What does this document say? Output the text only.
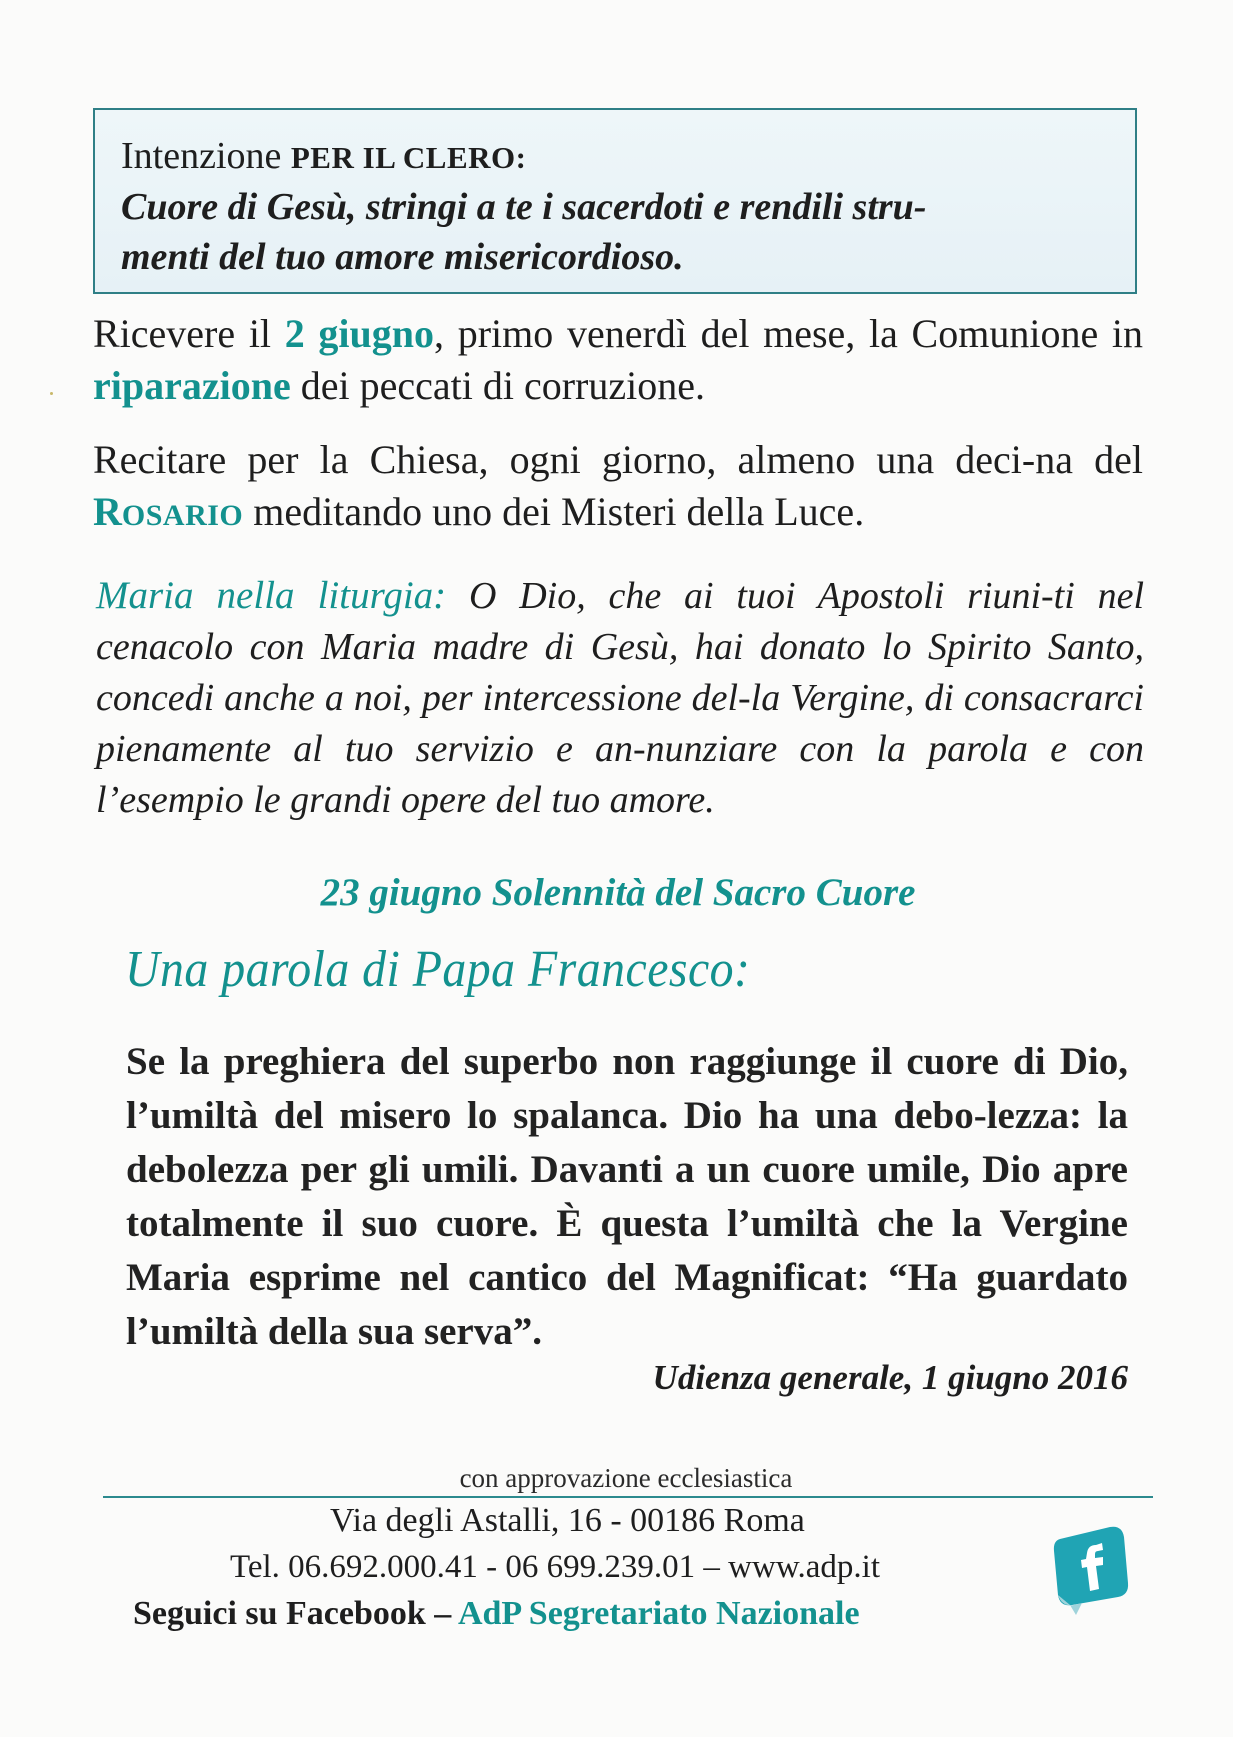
Intenzione PER IL CLERO:
Cuore di Gesù, stringi a te i sacerdoti e rendili stru-
menti del tuo amore misericordioso.
Ricevere il 2 giugno, primo venerdì del mese, la Comunione in riparazione dei peccati di corruzione.
Recitare per la Chiesa, ogni giorno, almeno una deci-na del ROSARIO meditando uno dei Misteri della Luce.
Maria nella liturgia: O Dio, che ai tuoi Apostoli riuni-ti nel cenacolo con Maria madre di Gesù, hai donato lo Spirito Santo, concedi anche a noi, per intercessione del-la Vergine, di consacrarci pienamente al tuo servizio e an-nunziare con la parola e con l’esempio le grandi opere del tuo amore.
23 giugno Solennità del Sacro Cuore
Una parola di Papa Francesco:
Se la preghiera del superbo non raggiunge il cuore di Dio, l’umiltà del misero lo spalanca. Dio ha una debo-lezza: la debolezza per gli umili. Davanti a un cuore umile, Dio apre totalmente il suo cuore. È questa l’umiltà che la Vergine Maria esprime nel cantico del Magnificat: “Ha guardato l’umiltà della sua serva”.
Udienza generale, 1 giugno 2016
con approvazione ecclesiastica
Via degli Astalli, 16 - 00186 Roma
Tel. 06.692.000.41 - 06 699.239.01 – www.adp.it
Seguici su Facebook – AdP Segretariato Nazionale
